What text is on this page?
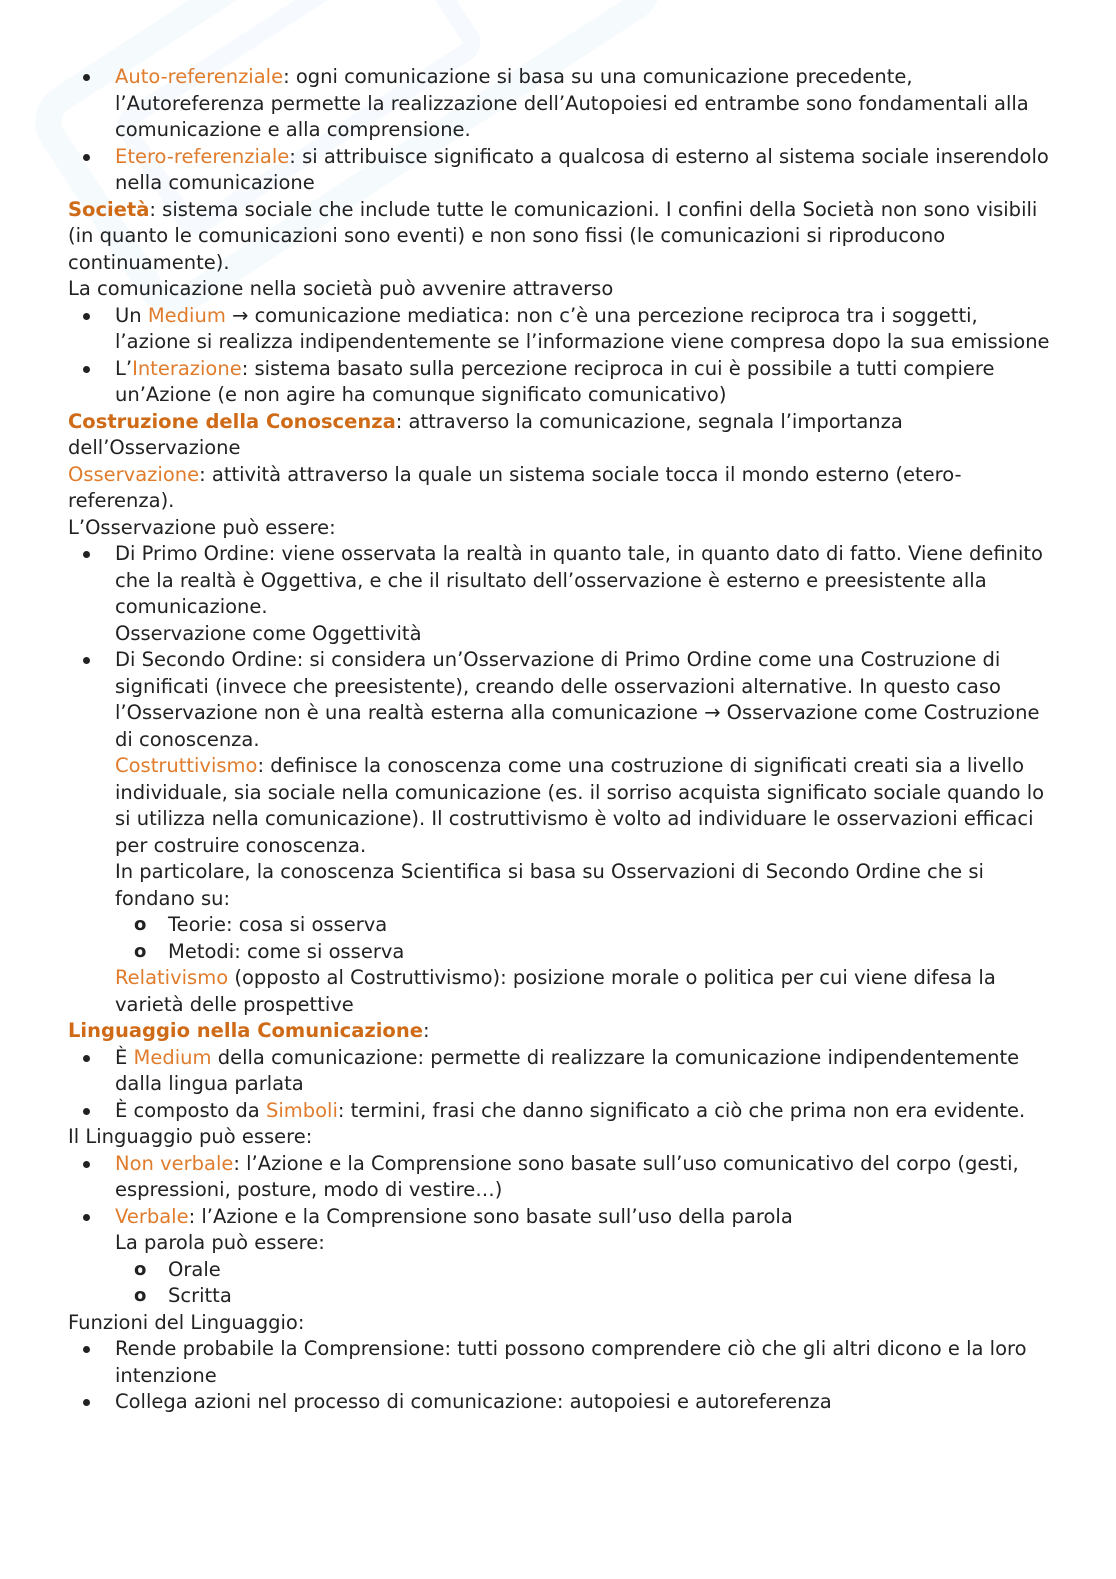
Auto-referenziale: ogni comunicazione si basa su una comunicazione precedente, l’Autoreferenza permette la realizzazione dell’Autopoiesi ed entrambe sono fondamentali alla comunicazione e alla comprensione.
Etero-referenziale: si attribuisce significato a qualcosa di esterno al sistema sociale inserendolo nella comunicazione

Società: sistema sociale che include tutte le comunicazioni. I confini della Società non sono visibili (in quanto le comunicazioni sono eventi) e non sono fissi (le comunicazioni si riproducono continuamente).

La comunicazione nella società può avvenire attraverso

Un Medium → comunicazione mediatica: non c’è una percezione reciproca tra i soggetti, l’azione si realizza indipendentemente se l’informazione viene compresa dopo la sua emissione
L’Interazione: sistema basato sulla percezione reciproca in cui è possibile a tutti compiere un’Azione (e non agire ha comunque significato comunicativo)

Costruzione della Conoscenza: attraverso la comunicazione, segnala l’importanza dell’Osservazione

Osservazione: attività attraverso la quale un sistema sociale tocca il mondo esterno (etero-referenza).

L’Osservazione può essere:

Di Primo Ordine: viene osservata la realtà in quanto tale, in quanto dato di fatto. Viene definito che la realtà è Oggettiva, e che il risultato dell’osservazione è esterno e preesistente alla comunicazione.
Osservazione come Oggettività
Di Secondo Ordine: si considera un’Osservazione di Primo Ordine come una Costruzione di significati (invece che preesistente), creando delle osservazioni alternative. In questo caso l’Osservazione non è una realtà esterna alla comunicazione → Osservazione come Costruzione di conoscenza.

Costruttivismo: definisce la conoscenza come una costruzione di significati creati sia a livello individuale, sia sociale nella comunicazione (es. il sorriso acquista significato sociale quando lo si utilizza nella comunicazione). Il costruttivismo è volto ad individuare le osservazioni efficaci per costruire conoscenza.

In particolare, la conoscenza Scientifica si basa su Osservazioni di Secondo Ordine che si fondano su:

o Teorie: cosa si osserva
o Metodi: come si osserva

Relativismo (opposto al Costruttivismo): posizione morale o politica per cui viene difesa la varietà delle prospettive

Linguaggio nella Comunicazione:

È Medium della comunicazione: permette di realizzare la comunicazione indipendentemente dalla lingua parlata
È composto da Simboli: termini, frasi che danno significato a ciò che prima non era evidente.

Il Linguaggio può essere:

Non verbale: l’Azione e la Comprensione sono basate sull’uso comunicativo del corpo (gesti, espressioni, posture, modo di vestire…)
Verbale: l’Azione e la Comprensione sono basate sull’uso della parola
La parola può essere:
o Orale
o Scritta

Funzioni del Linguaggio:

Rende probabile la Comprensione: tutti possono comprendere ciò che gli altri dicono e la loro intenzione
Collega azioni nel processo di comunicazione: autopoiesi e autoreferenza
